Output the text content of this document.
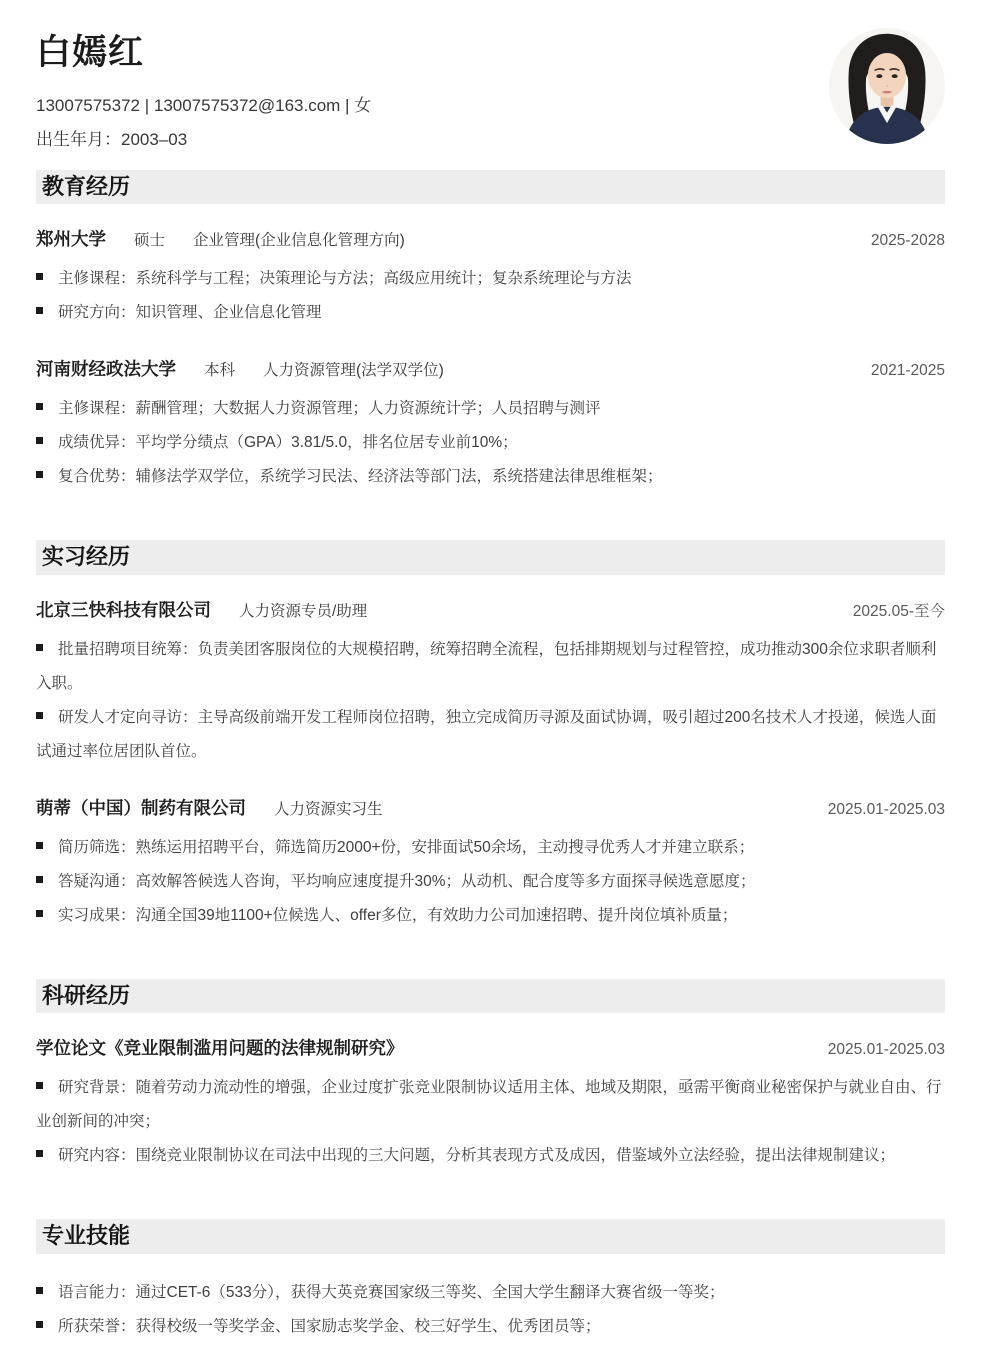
白嫣红
13007575372 | 13007575372@163.com | 女
出生年月：2003–03
教育经历
郑州大学 硕士 企业管理(企业信息化管理方向)	2025-2028
主修课程：系统科学与工程；决策理论与方法；高级应用统计；复杂系统理论与方法
研究方向：知识管理、企业信息化管理
河南财经政法大学 本科 人力资源管理(法学双学位)	2021-2025
主修课程：薪酬管理；大数据人力资源管理；人力资源统计学；人员招聘与测评
成绩优异：平均学分绩点（GPA）3.81/5.0，排名位居专业前10%；
复合优势：辅修法学双学位，系统学习民法、经济法等部门法，系统搭建法律思维框架；
实习经历
北京三快科技有限公司 人力资源专员/助理	2025.05-至今
批量招聘项目统筹：负责美团客服岗位的大规模招聘，统筹招聘全流程，包括排期规划与过程管控，成功推动300余位求职者顺利入职。
研发人才定向寻访：主导高级前端开发工程师岗位招聘，独立完成简历寻源及面试协调，吸引超过200名技术人才投递，候选人面试通过率位居团队首位。
萌蒂（中国）制药有限公司 人力资源实习生	2025.01-2025.03
简历筛选：熟练运用招聘平台，筛选简历2000+份，安排面试50余场，主动搜寻优秀人才并建立联系；
答疑沟通：高效解答候选人咨询，平均响应速度提升30%；从动机、配合度等多方面探寻候选意愿度；
实习成果：沟通全国39地1100+位候选人、offer多位，有效助力公司加速招聘、提升岗位填补质量；
科研经历
学位论文《竞业限制滥用问题的法律规制研究》	2025.01-2025.03
研究背景：随着劳动力流动性的增强，企业过度扩张竞业限制协议适用主体、地域及期限，亟需平衡商业秘密保护与就业自由、行业创新间的冲突；
研究内容：围绕竞业限制协议在司法中出现的三大问题，分析其表现方式及成因，借鉴域外立法经验，提出法律规制建议；
专业技能
语言能力：通过CET-6（533分），获得大英竞赛国家级三等奖、全国大学生翻译大赛省级一等奖；
所获荣誉：获得校级一等奖学金、国家励志奖学金、校三好学生、优秀团员等；
